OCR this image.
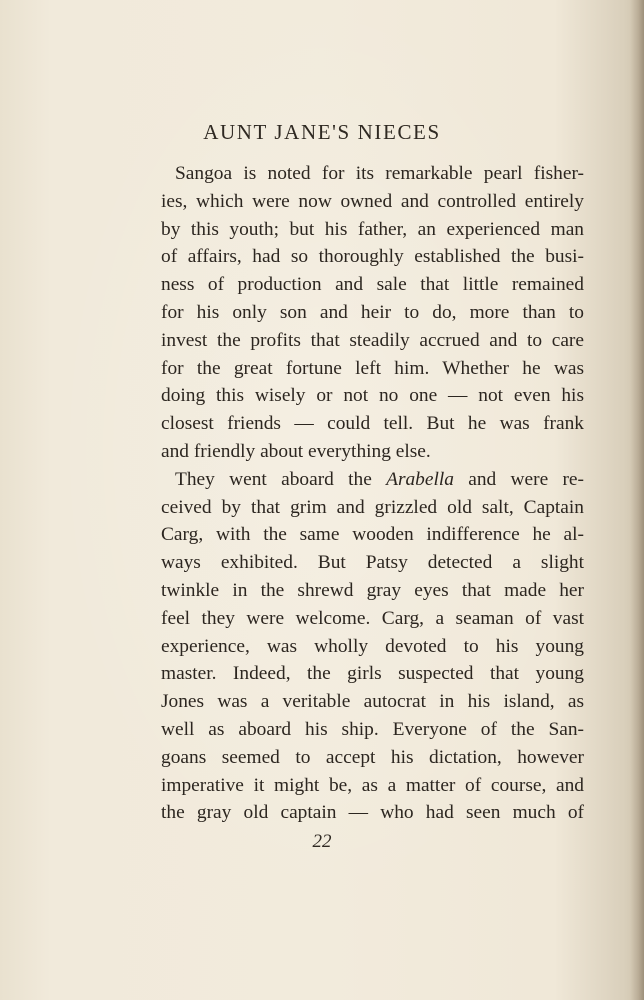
AUNT JANE'S NIECES
Sangoa is noted for its remarkable pearl fisher-
ies, which were now owned and controlled entirely
by this youth; but his father, an experienced man
of affairs, had so thoroughly established the busi-
ness of production and sale that little remained
for his only son and heir to do, more than to
invest the profits that steadily accrued and to care
for the great fortune left him. Whether he was
doing this wisely or not no one — not even his
closest friends — could tell. But he was frank
and friendly about everything else.
They went aboard the Arabella and were re-
ceived by that grim and grizzled old salt, Captain
Carg, with the same wooden indifference he al-
ways exhibited. But Patsy detected a slight
twinkle in the shrewd gray eyes that made her
feel they were welcome. Carg, a seaman of vast
experience, was wholly devoted to his young
master. Indeed, the girls suspected that young
Jones was a veritable autocrat in his island, as
well as aboard his ship. Everyone of the San-
goans seemed to accept his dictation, however
imperative it might be, as a matter of course, and
the gray old captain — who had seen much of
22
